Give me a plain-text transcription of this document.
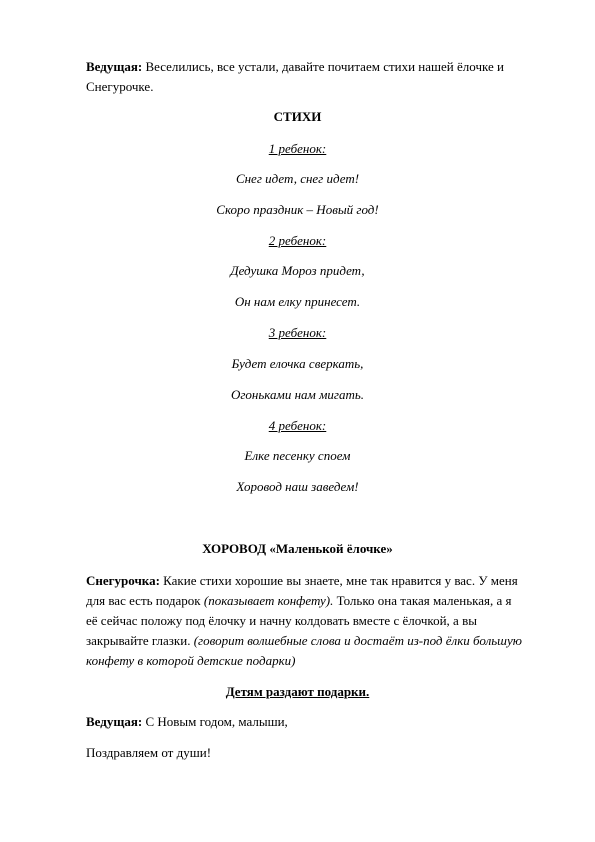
Ведущая: Веселились, все устали, давайте почитаем стихи нашей ёлочке и Снегурочке.

СТИХИ

1 ребенок:

Снег идет, снег идет!

Скоро праздник – Новый год!

2 ребенок:

Дедушка Мороз придет,

Он нам елку принесет.

3 ребенок:

Будет елочка сверкать,

Огоньками нам мигать.

4 ребенок:

Елке песенку споем

Хоровод наш заведем!

ХОРОВОД «Маленькой ёлочке»

Снегурочка: Какие стихи хорошие вы знаете, мне так нравится у вас. У меня для вас есть подарок (показывает конфету). Только она такая маленькая, а я её сейчас положу под ёлочку и начну колдовать вместе с ёлочкой, а вы закрывайте глазки. (говорит волшебные слова и достаёт из-под ёлки большую конфету в которой детские подарки)

Детям раздают подарки.

Ведущая: С Новым годом, малыши,

Поздравляем от души!
